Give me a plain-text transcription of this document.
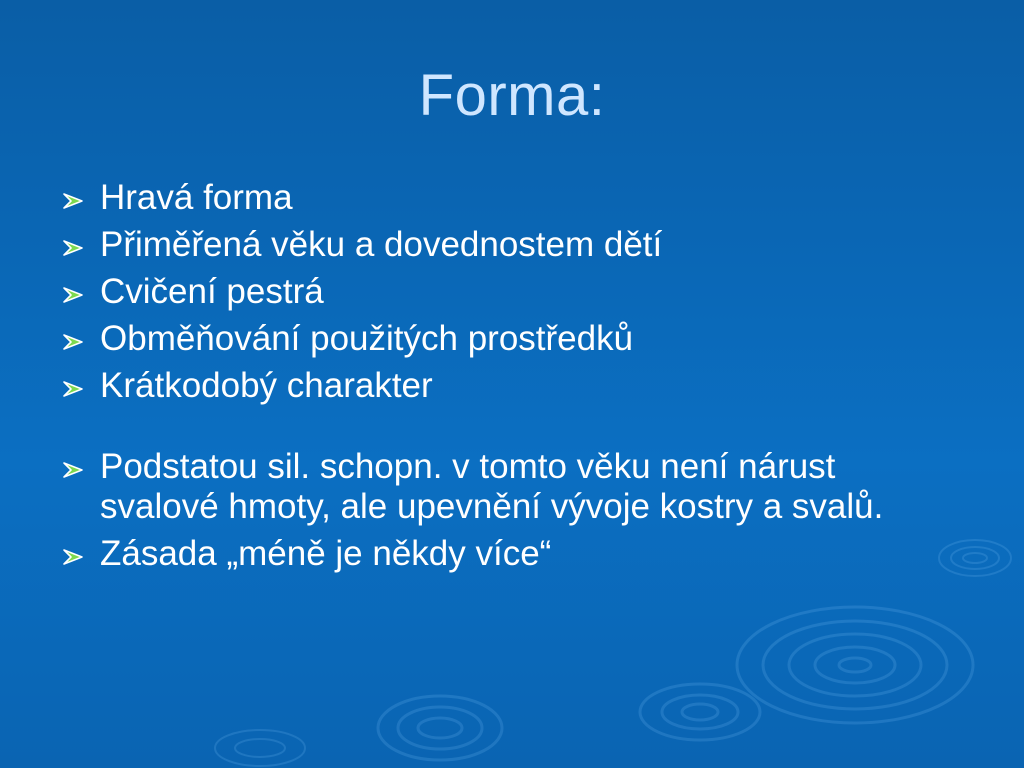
Forma:
Hravá forma
Přiměřená věku a dovednostem dětí
Cvičení pestrá
Obměňování použitých prostředků
Krátkodobý charakter
Podstatou sil. schopn. v tomto věku není nárust svalové hmoty, ale upevnění vývoje kostry a svalů.
Zásada „méně je někdy více“
